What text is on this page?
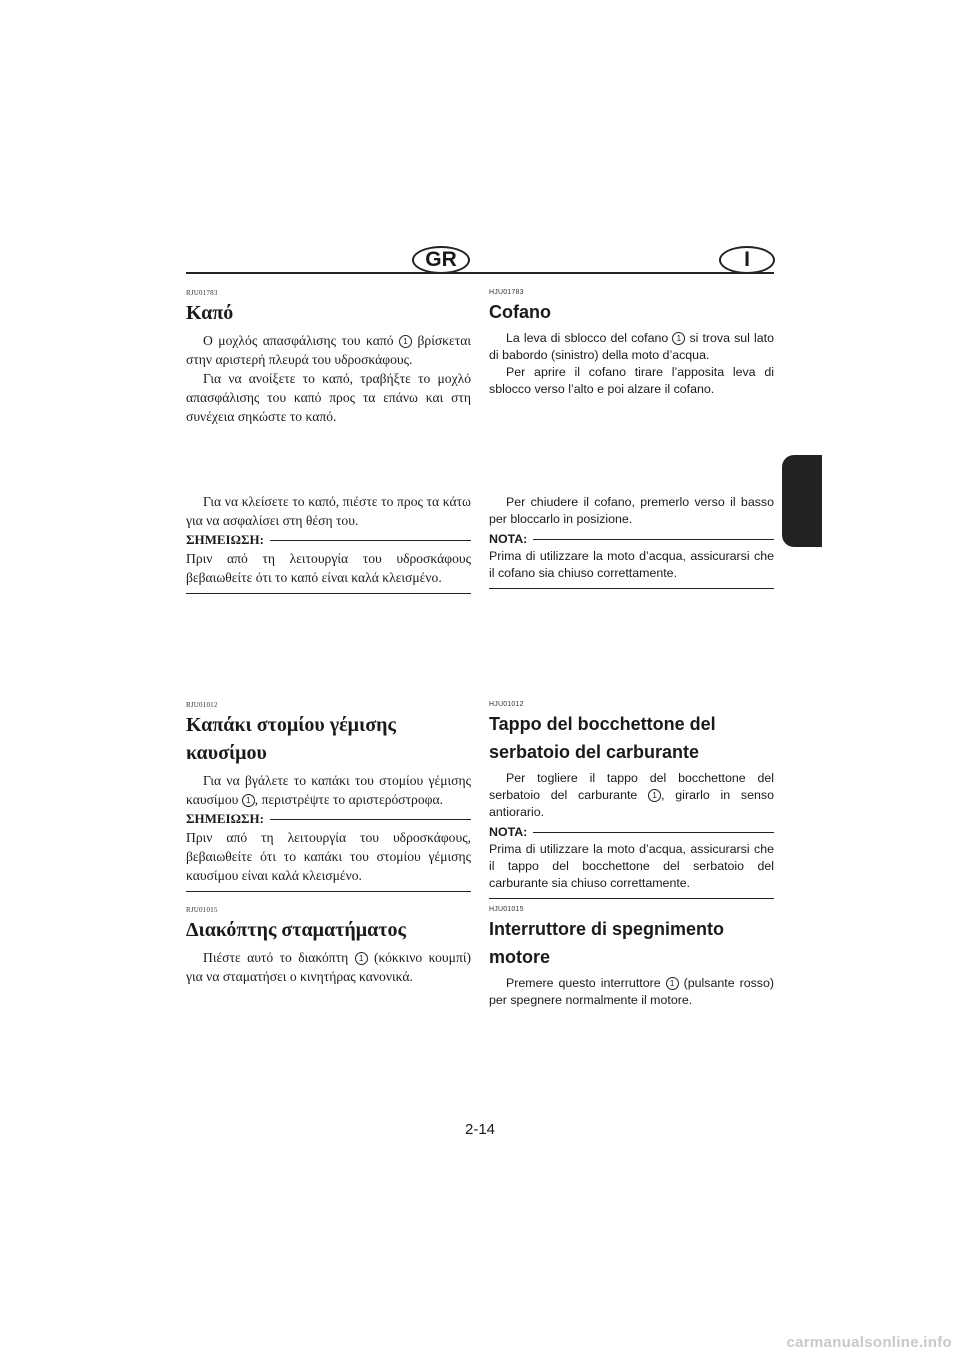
GR	I
RJU01783
Καπό

Ο μοχλός απασφάλισης του καπό 1 βρίσκεται στην αριστερή πλευρά του υδροσκάφους.

Για να ανοίξετε το καπό, τραβήξτε το μοχλό απασφάλισης του καπό προς τα επάνω και στη συνέχεια σηκώστε το καπό.

Για να κλείσετε το καπό, πιέστε το προς τα κάτω για να ασφαλίσει στη θέση του.

ΣΗΜΕΙΩΣΗ:

Πριν από τη λειτουργία του υδροσκάφους βεβαιωθείτε ότι το καπό είναι καλά κλεισμένο.

HJU01783
Cofano

La leva di sblocco del cofano 1 si trova sul lato di babordo (sinistro) della moto d’acqua.

Per aprire il cofano tirare l’apposita leva di sblocco verso l’alto e poi alzare il cofano.

Per chiudere il cofano, premerlo verso il basso per bloccarlo in posizione.

NOTA:

Prima di utilizzare la moto d’acqua, assicurarsi che il cofano sia chiuso correttamente.

RJU01012
Καπάκι στομίου γέμισης καυσίμου

Για να βγάλετε το καπάκι του στομίου γέμισης καυσίμου 1 , περιστρέψτε το αριστερόστροφα.

ΣΗΜΕΙΩΣΗ:

Πριν από τη λειτουργία του υδροσκάφους, βεβαιωθείτε ότι το καπάκι του στομίου γέμισης καυσίμου είναι καλά κλεισμένο.

HJU01012
Tappo del bocchettone del serbatoio del carburante

Per togliere il tappo del bocchettone del serbatoio del carburante 1 , girarlo in senso antiorario.

NOTA:

Prima di utilizzare la moto d’acqua, assicurarsi che il tappo del bocchettone del serbatoio del carburante sia chiuso correttamente.

RJU01015
Διακόπτης σταματήματος

Πιέστε αυτό το διακόπτη 1 (κόκκινο κουμπί) για να σταματήσει ο κινητήρας κανονικά.

HJU01015
Interruttore di spegnimento motore

Premere questo interruttore 1 (pulsante rosso) per spegnere normalmente il motore.

2-14
carmanualsonline.info
